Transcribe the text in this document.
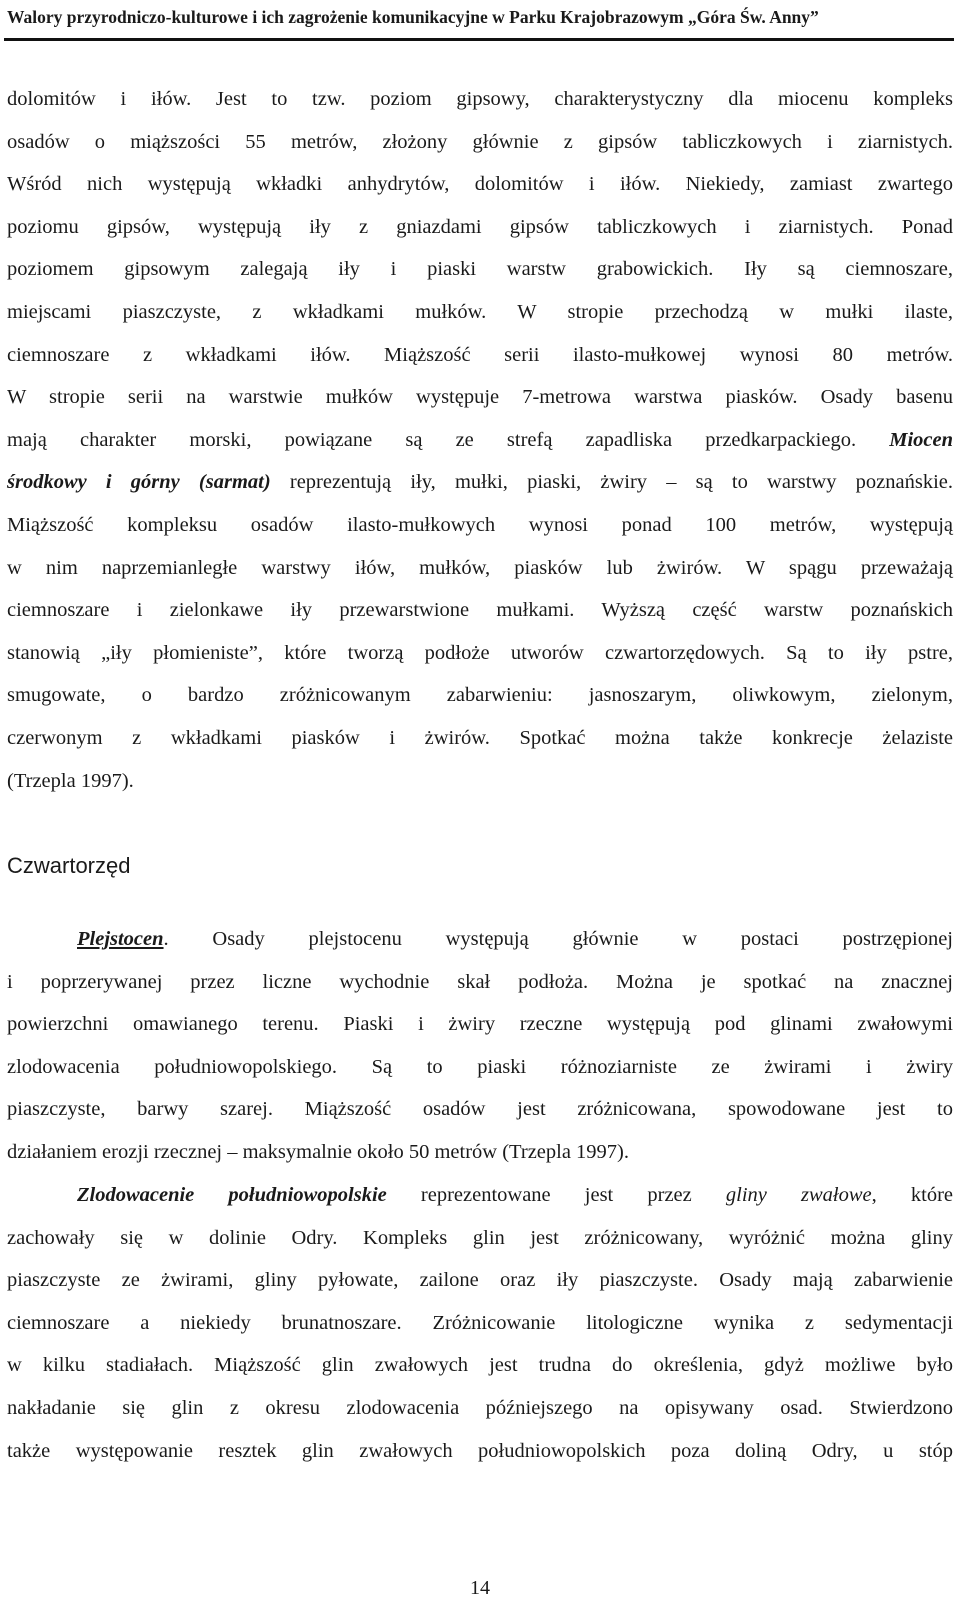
Walory przyrodniczo-kulturowe i ich zagrożenie komunikacyjne w Parku Krajobrazowym „Góra Św. Anny”
dolomitów i iłów. Jest to tzw. poziom gipsowy, charakterystyczny dla miocenu kompleks
osadów o miąższości 55 metrów, złożony głównie z gipsów tabliczkowych i ziarnistych.
Wśród nich występują wkładki anhydrytów, dolomitów i iłów. Niekiedy, zamiast zwartego
poziomu gipsów, występują iły z gniazdami gipsów tabliczkowych i ziarnistych. Ponad
poziomem gipsowym zalegają iły i piaski warstw grabowickich. Iły są ciemnoszare,
miejscami piaszczyste, z wkładkami mułków. W stropie przechodzą w mułki ilaste,
ciemnoszare z wkładkami iłów. Miąższość serii ilasto-mułkowej wynosi 80 metrów.
W stropie serii na warstwie mułków występuje 7-metrowa warstwa piasków. Osady basenu
mają charakter morski, powiązane są ze strefą zapadliska przedkarpackiego. Miocen
środkowy i górny (sarmat) reprezentują iły, mułki, piaski, żwiry – są to warstwy poznańskie.
Miąższość kompleksu osadów ilasto-mułkowych wynosi ponad 100 metrów, występują
w nim naprzemianległe warstwy iłów, mułków, piasków lub żwirów. W spągu przeważają
ciemnoszare i zielonkawe iły przewarstwione mułkami. Wyższą część warstw poznańskich
stanowią „iły płomieniste”, które tworzą podłoże utworów czwartorzędowych. Są to iły pstre,
smugowate, o bardzo zróżnicowanym zabarwieniu: jasnoszarym, oliwkowym, zielonym,
czerwonym z wkładkami piasków i żwirów. Spotkać można także konkrecje żelaziste
(Trzepla 1997).
Czwartorzęd
Plejstocen. Osady plejstocenu występują głównie w postaci postrzępionej
i poprzerywanej przez liczne wychodnie skał podłoża. Można je spotkać na znacznej
powierzchni omawianego terenu. Piaski i żwiry rzeczne występują pod glinami zwałowymi
zlodowacenia południowopolskiego. Są to piaski różnoziarniste ze żwirami i żwiry
piaszczyste, barwy szarej. Miąższość osadów jest zróżnicowana, spowodowane jest to
działaniem erozji rzecznej – maksymalnie około 50 metrów (Trzepla 1997).
Zlodowacenie południowopolskie reprezentowane jest przez gliny zwałowe, które
zachowały się w dolinie Odry. Kompleks glin jest zróżnicowany, wyróżnić można gliny
piaszczyste ze żwirami, gliny pyłowate, zailone oraz iły piaszczyste. Osady mają zabarwienie
ciemnoszare a niekiedy brunatnoszare. Zróżnicowanie litologiczne wynika z sedymentacji
w kilku stadiałach. Miąższość glin zwałowych jest trudna do określenia, gdyż możliwe było
nakładanie się glin z okresu zlodowacenia późniejszego na opisywany osad. Stwierdzono
także występowanie resztek glin zwałowych południowopolskich poza doliną Odry, u stóp
14
